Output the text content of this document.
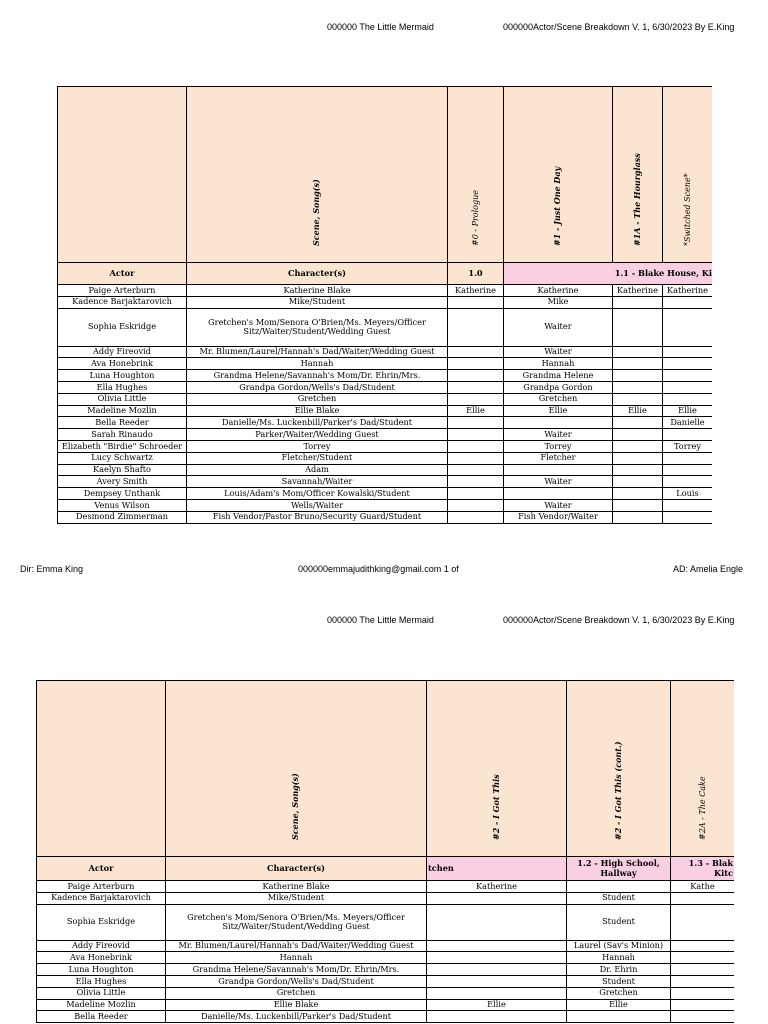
000000 The Little Mermaid	000000Actor/Scene Breakdown V. 1, 6/30/2023 By E.King

	Scene, Song(s)	#0 - Prologue	#1 - Just One Day	#1A - The Hourglass	*Switched Scene*

Actor	Character(s)	1.0	1.1 - Blake House, Ki		
Paige Arterburn	Katherine Blake	Katherine	Katherine	Katherine	Katherine
Kadence Barjaktarovich	Mike/Student		Mike		
Sophia Eskridge	Gretchen's Mom/Senora O'Brien/Ms. Meyers/Officer Sitz/Waiter/Student/Wedding Guest		Waiter		
Addy Fireovid	Mr. Blumen/Laurel/Hannah's Dad/Waiter/Wedding Guest		Waiter		
Ava Honebrink	Hannah		Hannah		
Luna Houghton	Grandma Helene/Savannah's Mom/Dr. Ehrin/Mrs.		Grandma Helene		
Ella Hughes	Grandpa Gordon/Wells's Dad/Student		Grandpa Gordon		
Olivia Little	Gretchen		Gretchen		
Madeline Mozlin	Ellie Blake	Ellie	Ellie	Ellie	Ellie
Bella Reeder	Danielle/Ms. Luckenbill/Parker's Dad/Student				Danielle
Sarah Rinaudo	Parker/Waiter/Wedding Guest		Waiter		
Elizabeth "Birdie" Schroeder	Torrey		Torrey		Torrey
Lucy Schwartz	Fletcher/Student		Fletcher		
Kaelyn Shafto	Adam				
Avery Smith	Savannah/Waiter		Waiter		
Dempsey Unthank	Louis/Adam's Mom/Officer Kowalski/Student				Louis
Venus Wilson	Wells/Waiter		Waiter		
Desmond Zimmerman	Fish Vendor/Pastor Bruno/Security Guard/Student		Fish Vendor/Waiter		
Dir: Emma King	000000emmajudithking@gmail.com 1 of	AD: Amelia Engle
000000 The Little Mermaid	000000Actor/Scene Breakdown V. 1, 6/30/2023 By E.King

	Scene, Song(s)	#2 - I Got This	#2 - I Got This (cont.)	#2A - The Cake

Actor	Character(s)	tchen	1.2 - High School, Hallway	1.3 - Blak Kitc
Paige Arterburn	Katherine Blake	Katherine		Kathe
Kadence Barjaktarovich	Mike/Student		Student	
Sophia Eskridge	Gretchen's Mom/Senora O'Brien/Ms. Meyers/Officer Sitz/Waiter/Student/Wedding Guest		Student	
Addy Fireovid	Mr. Blumen/Laurel/Hannah's Dad/Waiter/Wedding Guest		Laurel (Sav's Minion)	
Ava Honebrink	Hannah		Hannah	
Luna Houghton	Grandma Helene/Savannah's Mom/Dr. Ehrin/Mrs.		Dr. Ehrin	
Ella Hughes	Grandpa Gordon/Wells's Dad/Student		Student	
Olivia Little	Gretchen		Gretchen	
Madeline Mozlin	Ellie Blake	Ellie	Ellie	
Bella Reeder	Danielle/Ms. Luckenbill/Parker's Dad/Student			
